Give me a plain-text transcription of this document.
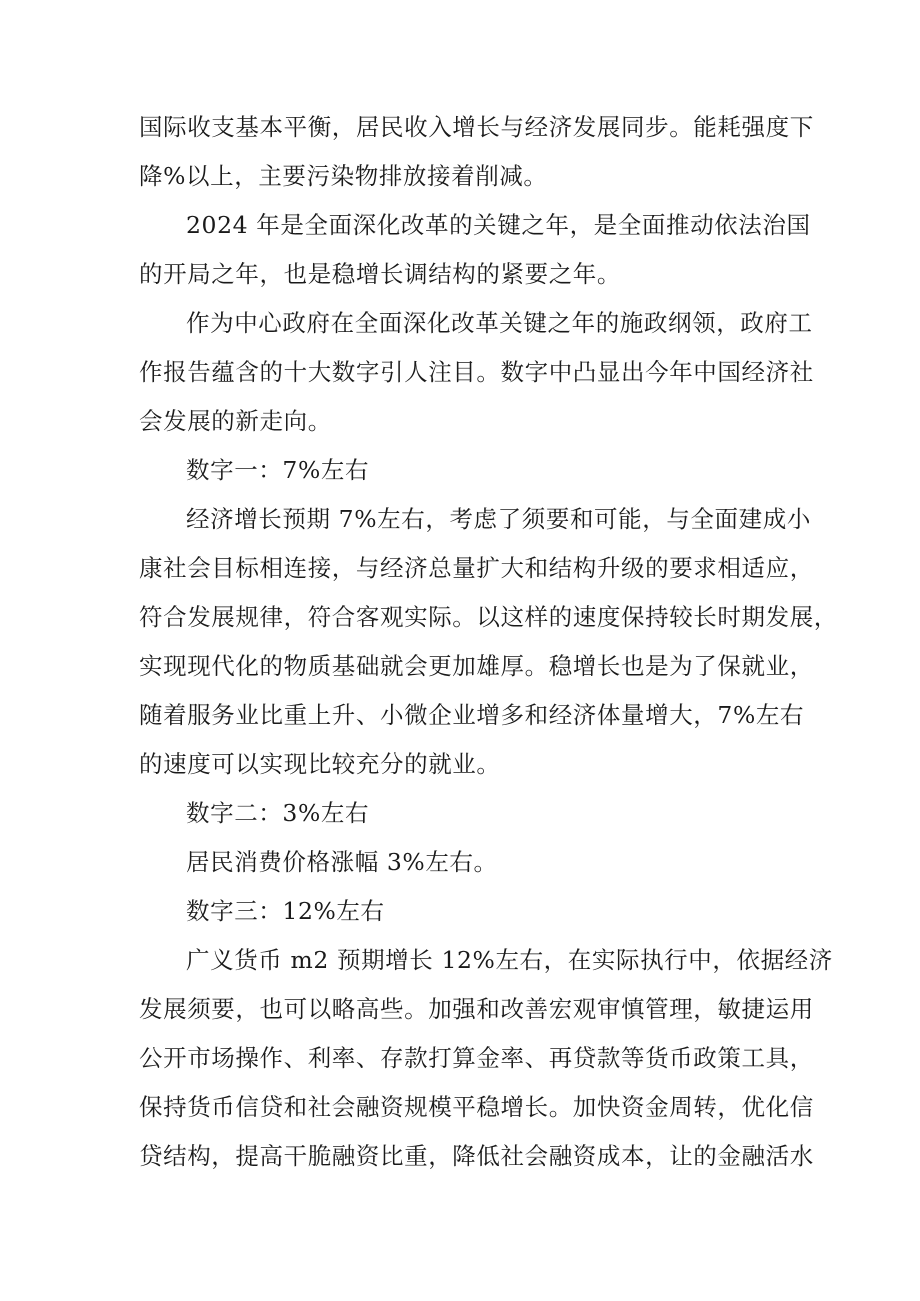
国际收支基本平衡，居民收入增长与经济发展同步。能耗强度下
降%以上，主要污染物排放接着削减。

2024 年是全面深化改革的关键之年，是全面推动依法治国
的开局之年，也是稳增长调结构的紧要之年。

作为中心政府在全面深化改革关键之年的施政纲领，政府工
作报告蕴含的十大数字引人注目。数字中凸显出今年中国经济社
会发展的新走向。

数字一：7%左右

经济增长预期 7%左右，考虑了须要和可能，与全面建成小
康社会目标相连接，与经济总量扩大和结构升级的要求相适应，
符合发展规律，符合客观实际。以这样的速度保持较长时期发展，
实现现代化的物质基础就会更加雄厚。稳增长也是为了保就业，
随着服务业比重上升、小微企业增多和经济体量增大，7%左右
的速度可以实现比较充分的就业。

数字二：3%左右

居民消费价格涨幅 3%左右。

数字三：12%左右

广义货币 m2 预期增长 12%左右，在实际执行中，依据经济
发展须要，也可以略高些。加强和改善宏观审慎管理，敏捷运用
公开市场操作、利率、存款打算金率、再贷款等货币政策工具，
保持货币信贷和社会融资规模平稳增长。加快资金周转，优化信
贷结构，提高干脆融资比重，降低社会融资成本，让的金融活水
